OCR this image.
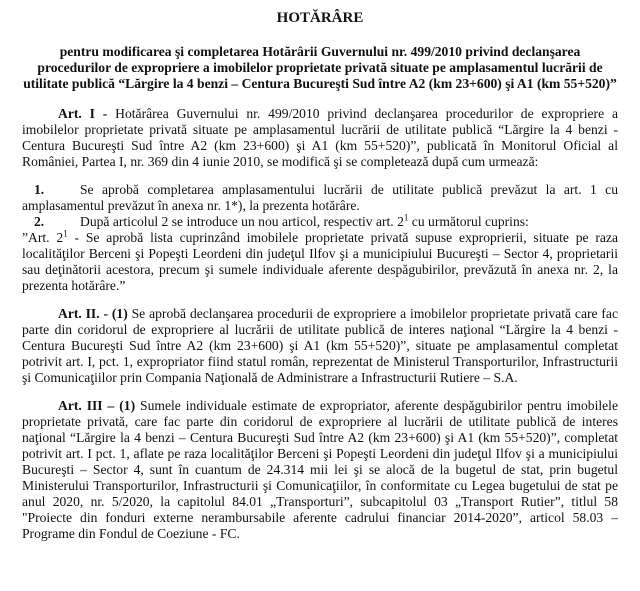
HOTĂRÂRE
pentru modificarea şi completarea Hotărârii Guvernului nr. 499/2010 privind declanşarea procedurilor de expropriere a imobilelor proprietate privată situate pe amplasamentul lucrării de utilitate publică “Lărgire la 4 benzi – Centura Bucureşti Sud între A2 (km 23+600) şi A1 (km 55+520)”

Art. I - Hotărârea Guvernului nr. 499/2010 privind declanşarea procedurilor de expropriere a imobilelor proprietate privată situate pe amplasamentul lucrării de utilitate publică “Lărgire la 4 benzi - Centura Bucureşti Sud între A2 (km 23+600) şi A1 (km 55+520)”, publicată în Monitorul Oficial al României, Partea I, nr. 369 din 4 iunie 2010, se modifică şi se completează după cum urmează:

1.	Se aprobă completarea amplasamentului lucrării de utilitate publică prevăzut la art. 1 cu amplasamentul prevăzut în anexa nr. 1*), la prezenta hotărâre.

2.	După articolul 2 se introduce un nou articol, respectiv art. $2^1$ cu următorul cuprins:

”Art. $2^1$ - Se aprobă lista cuprinzând imobilele proprietate privată supuse exproprierii, situate pe raza localităţilor Berceni şi Popeşti Leordeni din judeţul Ilfov şi a municipiului Bucureşti – Sector 4, proprietarii sau deţinătorii acestora, precum şi sumele individuale aferente despăgubirilor, prevăzută în anexa nr. 2, la prezenta hotărâre.”

Art. II. - (1) Se aprobă declanşarea procedurii de expropriere a imobilelor proprietate privată care fac parte din coridorul de expropriere al lucrării de utilitate publică de interes naţional “Lărgire la 4 benzi -Centura Bucureşti Sud între A2 (km 23+600) şi A1 (km 55+520)”, situate pe amplasamentul completat potrivit art. I, pct. 1, expropriator fiind statul român, reprezentat de Ministerul Transporturilor, Infrastructurii şi Comunicaţiilor prin Compania Naţională de Administrare a Infrastructurii Rutiere – S.A.

Art. III – (1) Sumele individuale estimate de expropriator, aferente despăgubirilor pentru imobilele proprietate privată, care fac parte din coridorul de expropriere al lucrării de utilitate publică de interes naţional “Lărgire la 4 benzi – Centura Bucureşti Sud între A2 (km 23+600) şi A1 (km 55+520)”, completat potrivit art. I pct. 1, aflate pe raza localităţilor Berceni şi Popeşti Leordeni din judeţul Ilfov şi a municipiului Bucureşti – Sector 4, sunt în cuantum de 24.314 mii lei şi se alocă de la bugetul de stat, prin bugetul Ministerului Transporturilor, Infrastructurii şi Comunicaţiilor, în conformitate cu Legea bugetului de stat pe anul 2020, nr. 5/2020, la capitolul 84.01 „Transporturi”, subcapitolul 03 „Transport Rutier”, titlul 58 "Proiecte din fonduri externe nerambursabile aferente cadrului financiar 2014-2020”, articol 58.03 – Programe din Fondul de Coeziune - FC.
